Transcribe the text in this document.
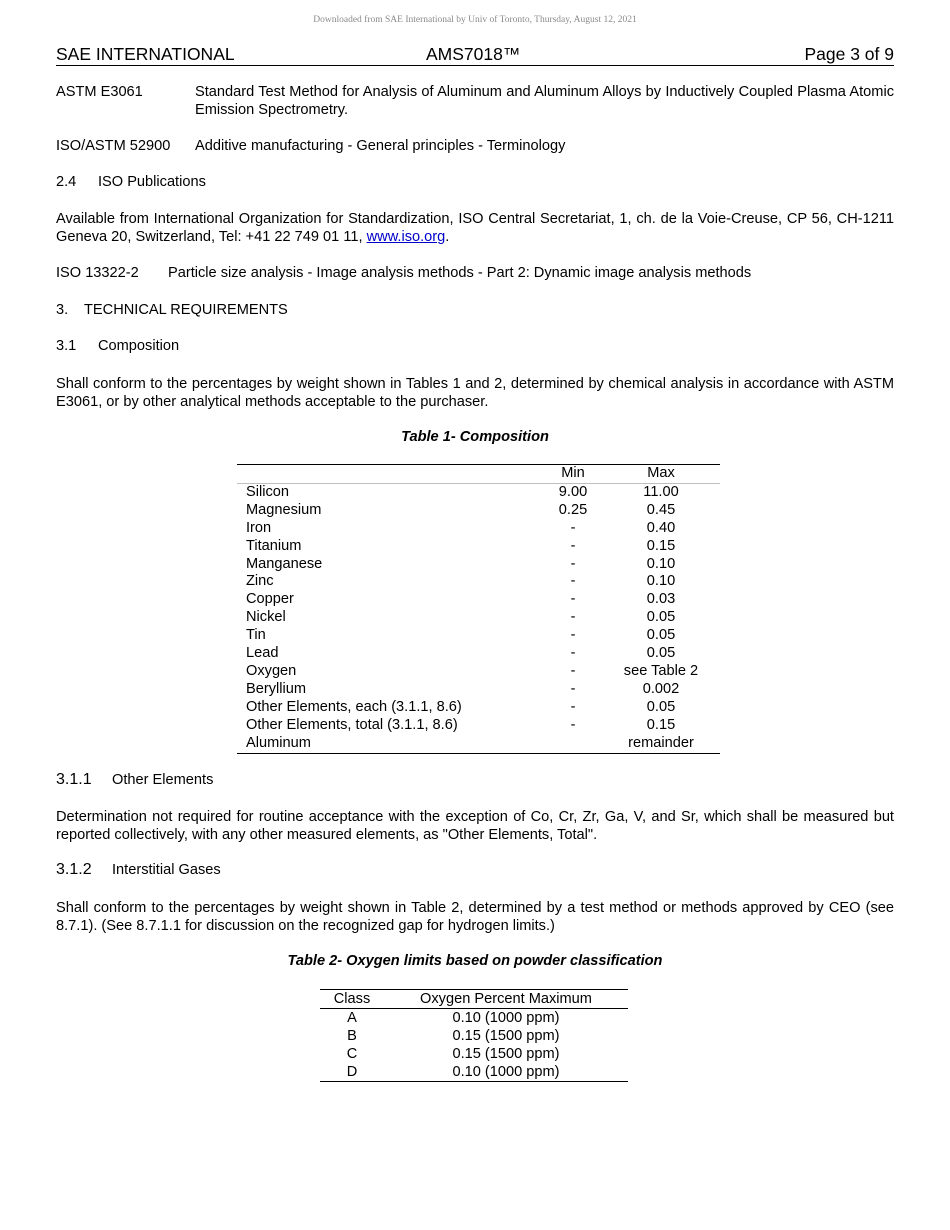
Downloaded from SAE International by Univ of Toronto, Thursday, August 12, 2021
SAE INTERNATIONAL	AMS7018™	Page 3 of 9
ASTM E3061	Standard Test Method for Analysis of Aluminum and Aluminum Alloys by Inductively Coupled Plasma Atomic Emission Spectrometry.
ISO/ASTM 52900 Additive manufacturing - General principles - Terminology
2.4 ISO Publications
Available from International Organization for Standardization, ISO Central Secretariat, 1, ch. de la Voie-Creuse, CP 56, CH-1211 Geneva 20, Switzerland, Tel: +41 22 749 01 11, www.iso.org.
ISO 13322-2 Particle size analysis - Image analysis methods - Part 2: Dynamic image analysis methods
3. TECHNICAL REQUIREMENTS
3.1 Composition
Shall conform to the percentages by weight shown in Tables 1 and 2, determined by chemical analysis in accordance with ASTM E3061, or by other analytical methods acceptable to the purchaser.
Table 1- Composition
	Min	Max
Silicon	9.00	11.00
Magnesium	0.25	0.45
Iron	-	0.40
Titanium	-	0.15
Manganese	-	0.10
Zinc	-	0.10
Copper	-	0.03
Nickel	-	0.05
Tin	-	0.05
Lead	-	0.05
Oxygen	-	see Table 2
Beryllium	-	0.002
Other Elements, each (3.1.1, 8.6)	-	0.05
Other Elements, total (3.1.1, 8.6)	-	0.15
Aluminum		remainder
3.1.1 Other Elements
Determination not required for routine acceptance with the exception of Co, Cr, Zr, Ga, V, and Sr, which shall be measured but reported collectively, with any other measured elements, as "Other Elements, Total".
3.1.2 Interstitial Gases
Shall conform to the percentages by weight shown in Table 2, determined by a test method or methods approved by CEO (see 8.7.1). (See 8.7.1.1 for discussion on the recognized gap for hydrogen limits.)
Table 2- Oxygen limits based on powder classification
Class	Oxygen Percent Maximum
A	0.10 (1000 ppm)
B	0.15 (1500 ppm)
C	0.15 (1500 ppm)
D	0.10 (1000 ppm)
